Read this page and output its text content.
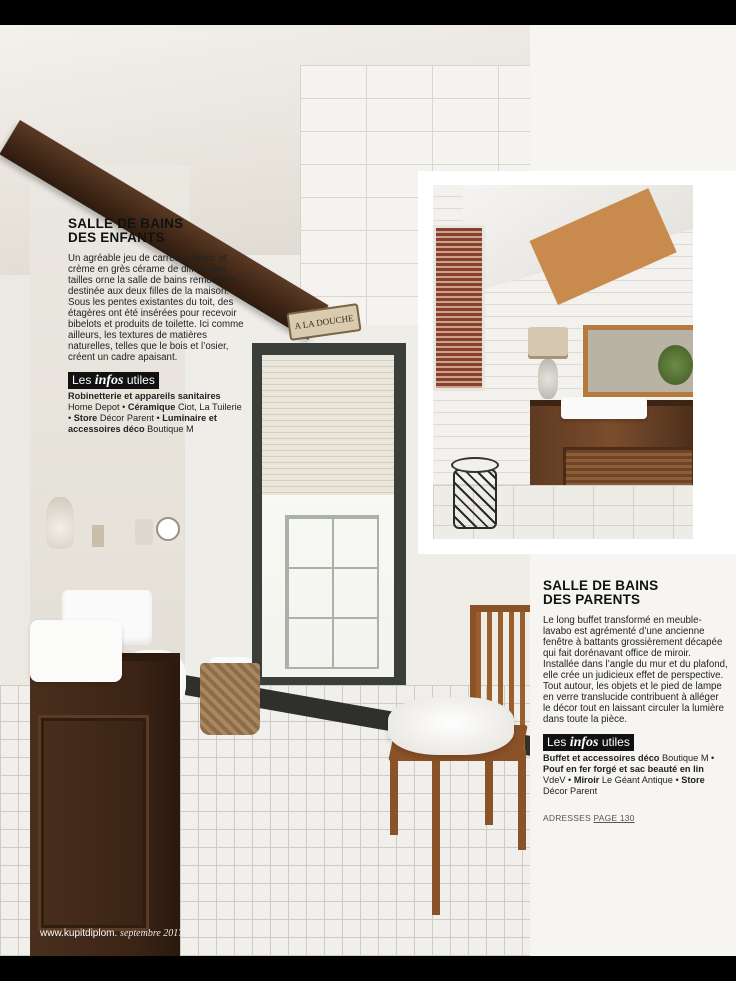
A LA DOUCHE
SALLE DE BAINS
DES ENFANTS

Un agréable jeu de carreaux blanc et crème en grès cérame de différentes tailles orne la salle de bains remodelée, destinée aux deux filles de la maison. Sous les pentes existantes du toit, des étagères ont été insérées pour recevoir bibelots et produits de toilette. Ici comme ailleurs, les textures de matières naturelles, telles que le bois et l’osier, créent un cadre apaisant.

Les infos utiles
Robinetterie et appareils sanitaires Home Depot • Céramique Ciot, La Tuilerie • Store Décor Parent • Luminaire et accessoires déco Boutique M
SALLE DE BAINS
DES PARENTS

Le long buffet transformé en meuble-lavabo est agrémenté d’une ancienne fenêtre à battants grossièrement décapée qui fait dorénavant office de miroir. Installée dans l’angle du mur et du plafond, elle crée un judicieux effet de perspective. Tout autour, les objets et le pied de lampe en verre translucide contribuent à alléger le décor tout en laissant circuler la lumière dans toute la pièce.

Les infos utiles
Buffet et accessoires déco Boutique M • Pouf en fer forgé et sac beauté en lin VdeV • Miroir Le Géant Antique • Store Décor Parent
ADRESSES PAGE 130
www.kupitdiplom. septembre 2017
